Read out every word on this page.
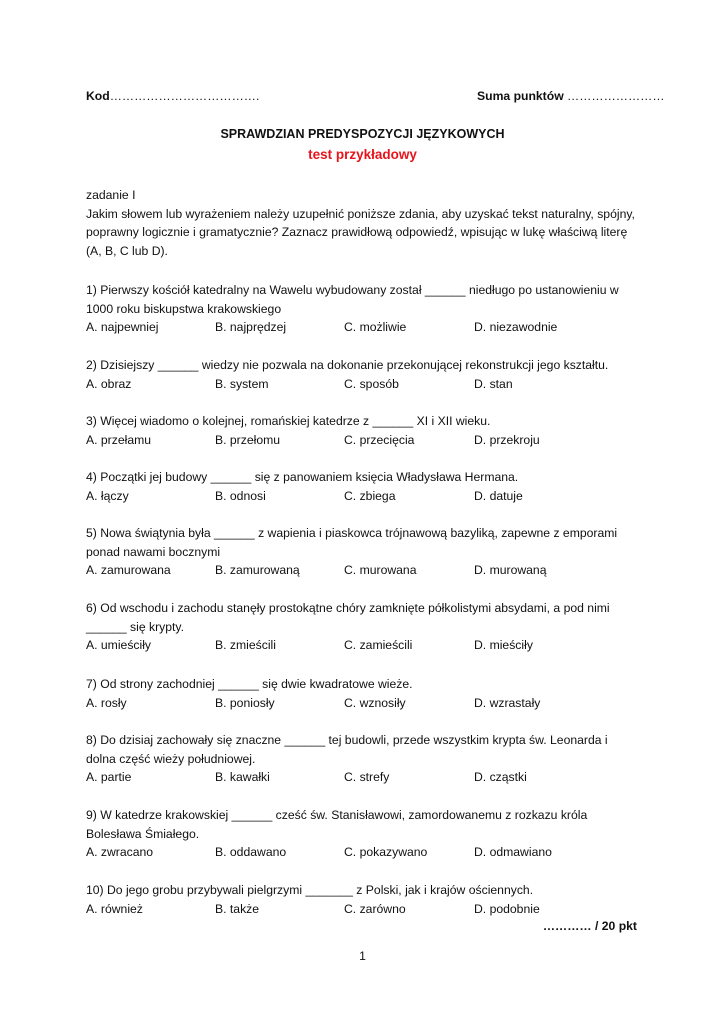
Kod……………………………….	Suma punktów ……………………
SPRAWDZIAN PREDYSPOZYCJI JĘZYKOWYCH
test przykładowy
zadanie I
Jakim słowem lub wyrażeniem należy uzupełnić poniższe zdania, aby uzyskać tekst naturalny, spójny,
poprawny logicznie i gramatycznie? Zaznacz prawidłową odpowiedź, wpisując w lukę właściwą literę
(A, B, C lub D).
1) Pierwszy kościół katedralny na Wawelu wybudowany został ______ niedługo po ustanowieniu w
1000 roku biskupstwa krakowskiego
A. najpewniej	B. najprędzej	C. możliwie	D. niezawodnie
2) Dzisiejszy ______ wiedzy nie pozwala na dokonanie przekonującej rekonstrukcji jego kształtu.
A. obraz	B. system	C. sposób	D. stan
3) Więcej wiadomo o kolejnej, romańskiej katedrze z ______ XI i XII wieku.
A. przełamu	B. przełomu	C. przecięcia	D. przekroju
4) Początki jej budowy ______ się z panowaniem księcia Władysława Hermana.
A. łączy	B. odnosi	C. zbiega	D. datuje
5) Nowa świątynia była ______ z wapienia i piaskowca trójnawową bazyliką, zapewne z emporami
ponad nawami bocznymi
A. zamurowana	B. zamurowaną	C. murowana	D. murowaną
6) Od wschodu i zachodu stanęły prostokątne chóry zamknięte półkolistymi absydami, a pod nimi
______ się krypty.
A. umieściły	B. zmieścili	C. zamieścili	D. mieściły
7) Od strony zachodniej ______ się dwie kwadratowe wieże.
A. rosły	B. poniosły	C. wznosiły	D. wzrastały
8) Do dzisiaj zachowały się znaczne ______ tej budowli, przede wszystkim krypta św. Leonarda i
dolna część wieży południowej.
A. partie	B. kawałki	C. strefy	D. cząstki
9) W katedrze krakowskiej ______ cześć św. Stanisławowi, zamordowanemu z rozkazu króla
Bolesława Śmiałego.
A. zwracano	B. oddawano	C. pokazywano	D. odmawiano
10) Do jego grobu przybywali pielgrzymi _______ z Polski, jak i krajów ościennych.
A. również	B. także	C. zarówno	D. podobnie
………… / 20 pkt
1
